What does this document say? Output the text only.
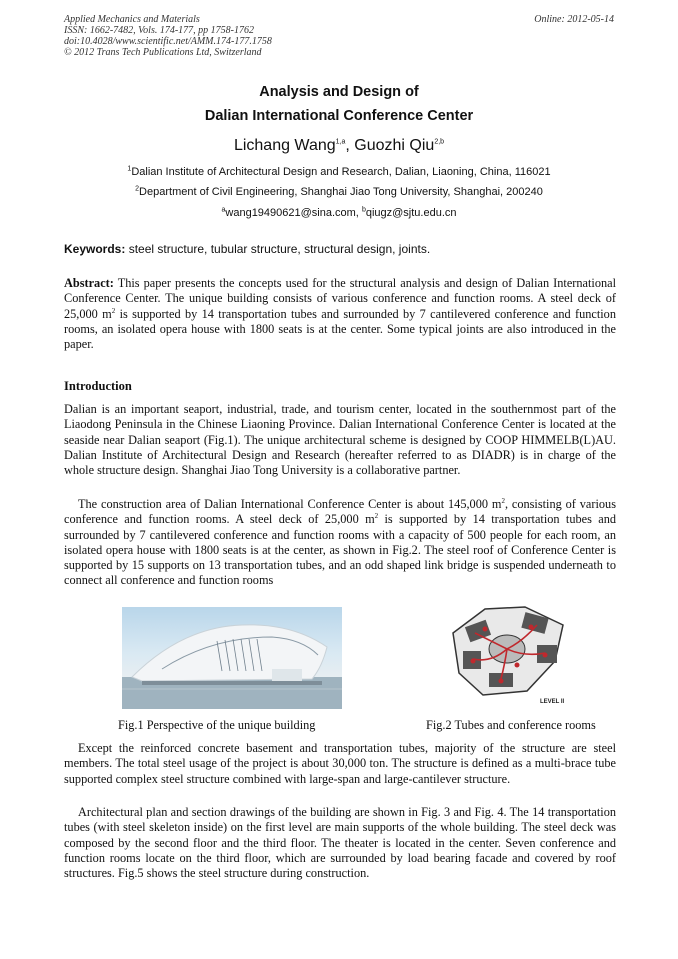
Applied Mechanics and Materials
ISSN: 1662-7482, Vols. 174-177, pp 1758-1762
doi:10.4028/www.scientific.net/AMM.174-177.1758
© 2012 Trans Tech Publications Ltd, Switzerland
Online: 2012-05-14
Analysis and Design of
Dalian International Conference Center
Lichang Wang$^{1,a}$, Guozhi Qiu$^{2,b}$
$^1$Dalian Institute of Architectural Design and Research, Dalian, Liaoning, China, 116021
$^2$Department of Civil Engineering, Shanghai Jiao Tong University, Shanghai, 200240
$^a$wang19490621@sina.com, $^b$qiugz@sjtu.edu.cn
Keywords: steel structure, tubular structure, structural design, joints.
Abstract: This paper presents the concepts used for the structural analysis and design of Dalian International Conference Center. The unique building consists of various conference and function rooms. A steel deck of 25,000 $m^2$ is supported by 14 transportation tubes and surrounded by 7 cantilevered conference and function rooms, an isolated opera house with 1800 seats is at the center. Some typical joints are also introduced in the paper.
Introduction
Dalian is an important seaport, industrial, trade, and tourism center, located in the southernmost part of the Liaodong Peninsula in the Chinese Liaoning Province. Dalian International Conference Center is located at the seaside near Dalian seaport (Fig.1). The unique architectural scheme is designed by COOP HIMMELB(L)AU. Dalian Institute of Architectural Design and Research (hereafter referred to as DIADR) is in charge of the whole structure design. Shanghai Jiao Tong University is a collaborative partner.
The construction area of Dalian International Conference Center is about 145,000 $m^2$, consisting of various conference and function rooms. A steel deck of 25,000 $m^2$ is supported by 14 transportation tubes and surrounded by 7 cantilevered conference and function rooms with a capacity of 500 people for each room, an isolated opera house with 1800 seats is at the center, as shown in Fig.2. The steel roof of Conference Center is supported by 15 supports on 13 transportation tubes, and an odd shaped link bridge is suspended underneath to connect all conference and function rooms
LEVEL II
Fig.1 Perspective of the unique building	Fig.2 Tubes and conference rooms
Except the reinforced concrete basement and transportation tubes, majority of the structure are steel members. The total steel usage of the project is about 30,000 ton. The structure is defined as a multi-brace tube supported complex steel structure combined with large-span and large-cantilever structure.
Architectural plan and section drawings of the building are shown in Fig. 3 and Fig. 4. The 14 transportation tubes (with steel skeleton inside) on the first level are main supports of the whole building. The steel deck was composed by the second floor and the third floor. The theater is located in the center. Seven conference and function rooms locate on the third floor, which are surrounded by load bearing facade and covered by roof structures. Fig.5 shows the steel structure during construction.
